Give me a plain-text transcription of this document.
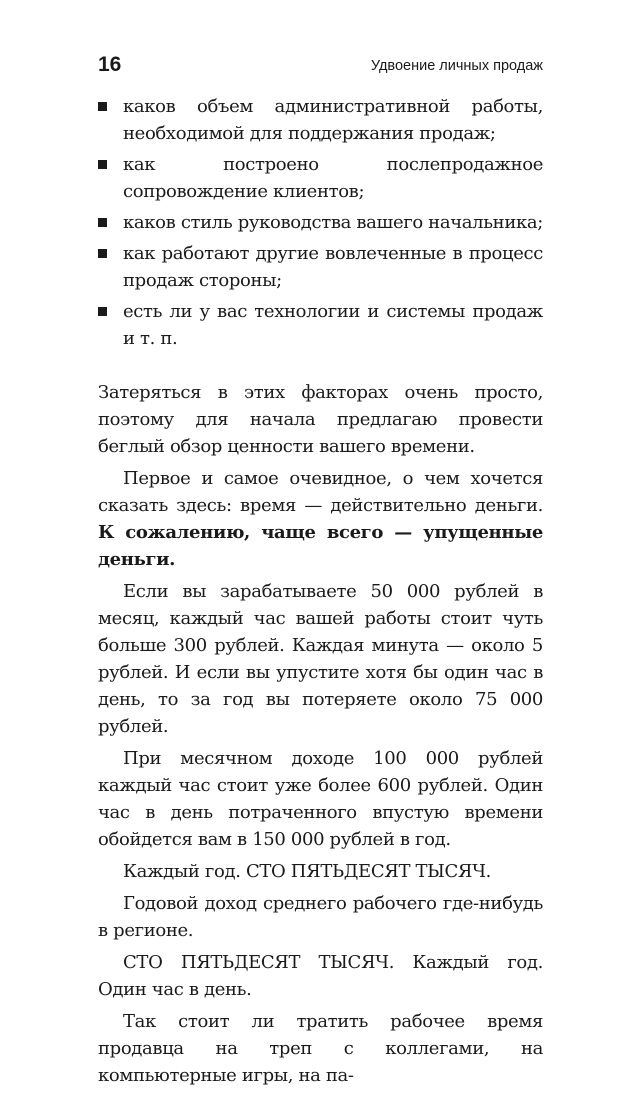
16	Удвоение личных продаж
каков объем административной работы, необходимой для поддержания продаж;
как построено послепродажное сопровождение клиентов;
каков стиль руководства вашего начальника;
как работают другие вовлеченные в процесс продаж стороны;
есть ли у вас технологии и системы продаж и т. п.

Затеряться в этих факторах очень просто, поэтому для начала предлагаю провести беглый обзор ценности вашего времени.

Первое и самое очевидное, о чем хочется сказать здесь: время — действительно деньги. К сожалению, чаще всего — упущенные деньги.

Если вы зарабатываете 50 000 рублей в месяц, каждый час вашей работы стоит чуть больше 300 рублей. Каждая минута — около 5 рублей. И если вы упустите хотя бы один час в день, то за год вы потеряете около 75 000 рублей.

При месячном доходе 100 000 рублей каждый час стоит уже более 600 рублей. Один час в день потраченного впустую времени обойдется вам в 150 000 рублей в год.

Каждый год. СТО ПЯТЬДЕСЯТ ТЫСЯЧ.

Годовой доход среднего рабочего где-нибудь в регионе.

СТО ПЯТЬДЕСЯТ ТЫСЯЧ. Каждый год. Один час в день.

Так стоит ли тратить рабочее время продавца на треп с коллегами, на компьютерные игры, на па-
